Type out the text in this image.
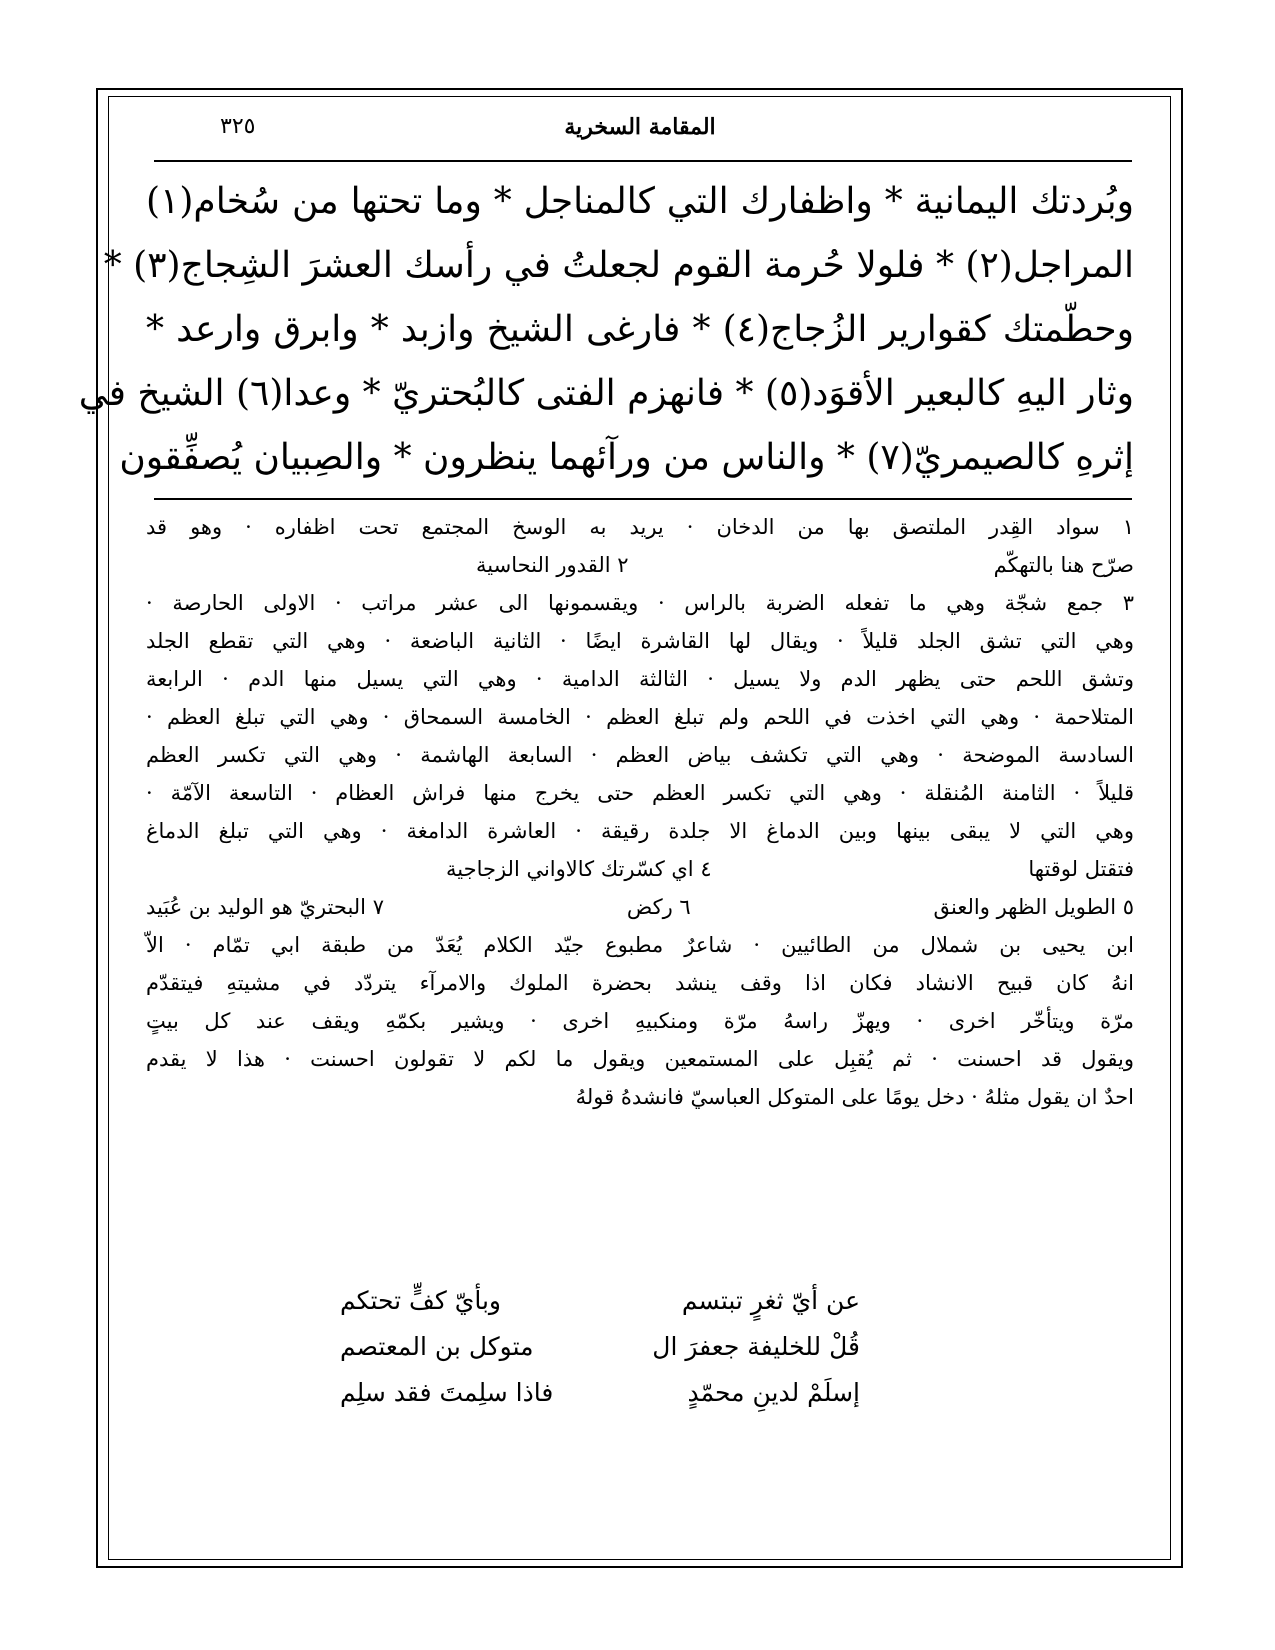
المقامة السخرية
٣٢٥
وبُردتك اليمانية * واظفارك التي كالمناجل * وما تحتها من سُخام(١)
المراجل(٢) * فلولا حُرمة القوم لجعلتُ في رأسك العشرَ الشِجاج(٣) *
وحطّمتك كقوارير الزُجاج(٤) * فارغى الشيخ وازبد * وابرق وارعد *
وثار اليهِ كالبعير الأقوَد(٥) * فانهزم الفتى كالبُحتريّ * وعدا(٦) الشيخ في
إثرهِ كالصيمريّ(٧) * والناس من ورآئهما ينظرون * والصِبيان يُصفِّقون
١ سواد القِدر الملتصق بها من الدخان · يريد به الوسخ المجتمع تحت اظفاره · وهو قد
صرّح هنا بالتهكّم
٢ القدور النحاسية
٣ جمع شجّة وهي ما تفعله الضربة بالراس · ويقسمونها الى عشر مراتب · الاولى الحارصة ·
وهي التي تشق الجلد قليلاً · ويقال لها القاشرة ايضًا · الثانية الباضعة · وهي التي تقطع الجلد
وتشق اللحم حتى يظهر الدم ولا يسيل · الثالثة الدامية · وهي التي يسيل منها الدم · الرابعة
المتلاحمة · وهي التي اخذت في اللحم ولم تبلغ العظم · الخامسة السمحاق · وهي التي تبلغ العظم ·
السادسة الموضحة · وهي التي تكشف بياض العظم · السابعة الهاشمة · وهي التي تكسر العظم
قليلاً · الثامنة المُنقلة · وهي التي تكسر العظم حتى يخرج منها فراش العظام · التاسعة الآمّة ·
وهي التي لا يبقى بينها وبين الدماغ الا جلدة رقيقة · العاشرة الدامغة · وهي التي تبلغ الدماغ
فتقتل لوقتها
٤ اي كسّرتك كالاواني الزجاجية
٥ الطويل الظهر والعنق
٦ ركض
٧ البحتريّ هو الوليد بن عُبَيد
ابن يحيى بن شملال من الطائيين · شاعرٌ مطبوع جيّد الكلام يُعَدّ من طبقة ابي تمّام · الاّ
انهُ كان قبيح الانشاد فكان اذا وقف ينشد بحضرة الملوك والامرآء يتردّد في مشيتهِ فيتقدّم
مرّة ويتأخّر اخرى · ويهزّ راسهُ مرّة ومنكبيهِ اخرى · ويشير بكمّهِ ويقف عند كل بيتٍ
ويقول قد احسنت · ثم يُقبِل على المستمعين ويقول ما لكم لا تقولون احسنت · هذا لا يقدم
احدٌ ان يقول مثلهُ · دخل يومًا على المتوكل العباسيّ فانشدهُ قولهُ
عن أيّ ثغرٍ تبتسم
وبأيّ كفٍّ تحتكم
قُلْ للخليفة جعفرَ ال
متوكل بن المعتصم
إسلَمْ لدينِ محمّدٍ
فاذا سلِمتَ فقد سلِم
